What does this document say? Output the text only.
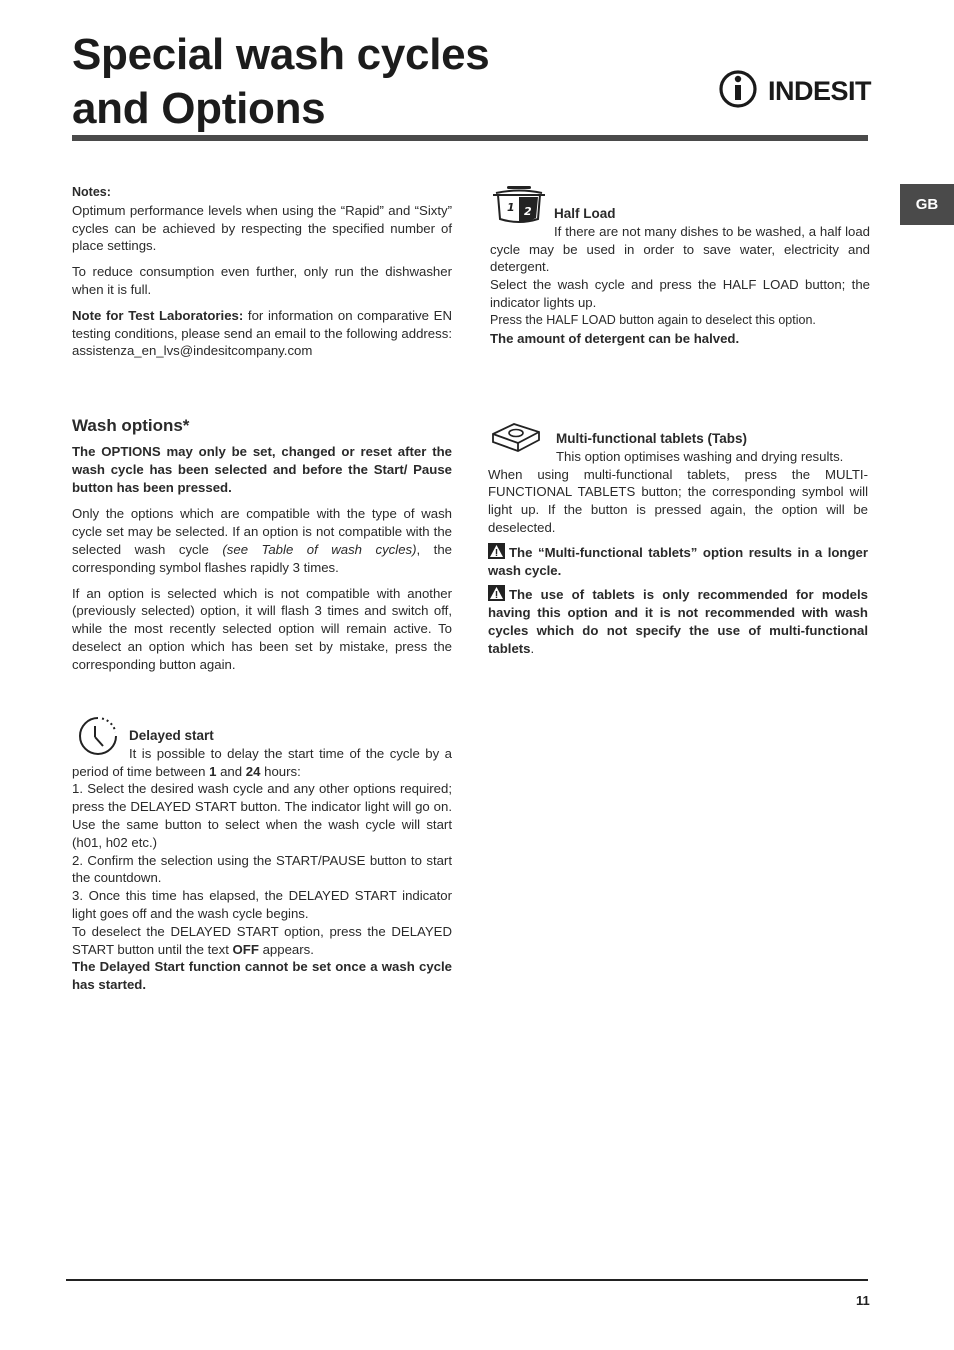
Special wash cycles
and Options	INDESIT
GB

Notes:

Optimum performance levels when using the “Rapid” and “Sixty” cycles can be achieved by respecting the specified number of place settings.

To reduce consumption even further, only run the dishwasher when it is full.

Note for Test Laboratories: for information on comparative EN testing conditions, please send an email to the following address: assistenza_en_lvs@indesitcompany.com

1 2	Half Load

If there are not many dishes to be washed, a half load cycle may be used in order to save water, electricity and detergent.

Select the wash cycle and press the HALF LOAD button; the indicator lights up.

Press the HALF LOAD button again to deselect this option.

The amount of detergent can be halved.

Wash options*

The OPTIONS may only be set, changed or reset after the wash cycle has been selected and before the Start/ Pause button has been pressed.

Only the options which are compatible with the type of wash cycle set may be selected. If an option is not compatible with the selected wash cycle (see Table of wash cycles), the corresponding symbol flashes rapidly 3 times.

If an option is selected which is not compatible with another (previously selected) option, it will flash 3 times and switch off, while the most recently selected option will remain active. To deselect an option which has been set by mistake, press the corresponding button again.

Multi-functional tablets (Tabs)

This option optimises washing and drying results.

When using multi-functional tablets, press the MULTI-FUNCTIONAL TABLETS button; the corresponding symbol will light up. If the button is pressed again, the option will be deselected.

The “Multi-functional tablets” option results in a longer wash cycle.

The use of tablets is only recommended for models having this option and it is not recommended with wash cycles which do not specify the use of multi-functional tablets.

Delayed start

It is possible to delay the start time of the cycle by a period of time between 1 and 24 hours:

1. Select the desired wash cycle and any other options required; press the DELAYED START button. The indicator light will go on. Use the same button to select when the wash cycle will start (h01, h02 etc.)

2. Confirm the selection using the START/PAUSE button to start the countdown.

3. Once this time has elapsed, the DELAYED START indicator light goes off and the wash cycle begins.

To deselect the DELAYED START option, press the DELAYED START button until the text OFF appears.

The Delayed Start function cannot be set once a wash cycle has started.

11
